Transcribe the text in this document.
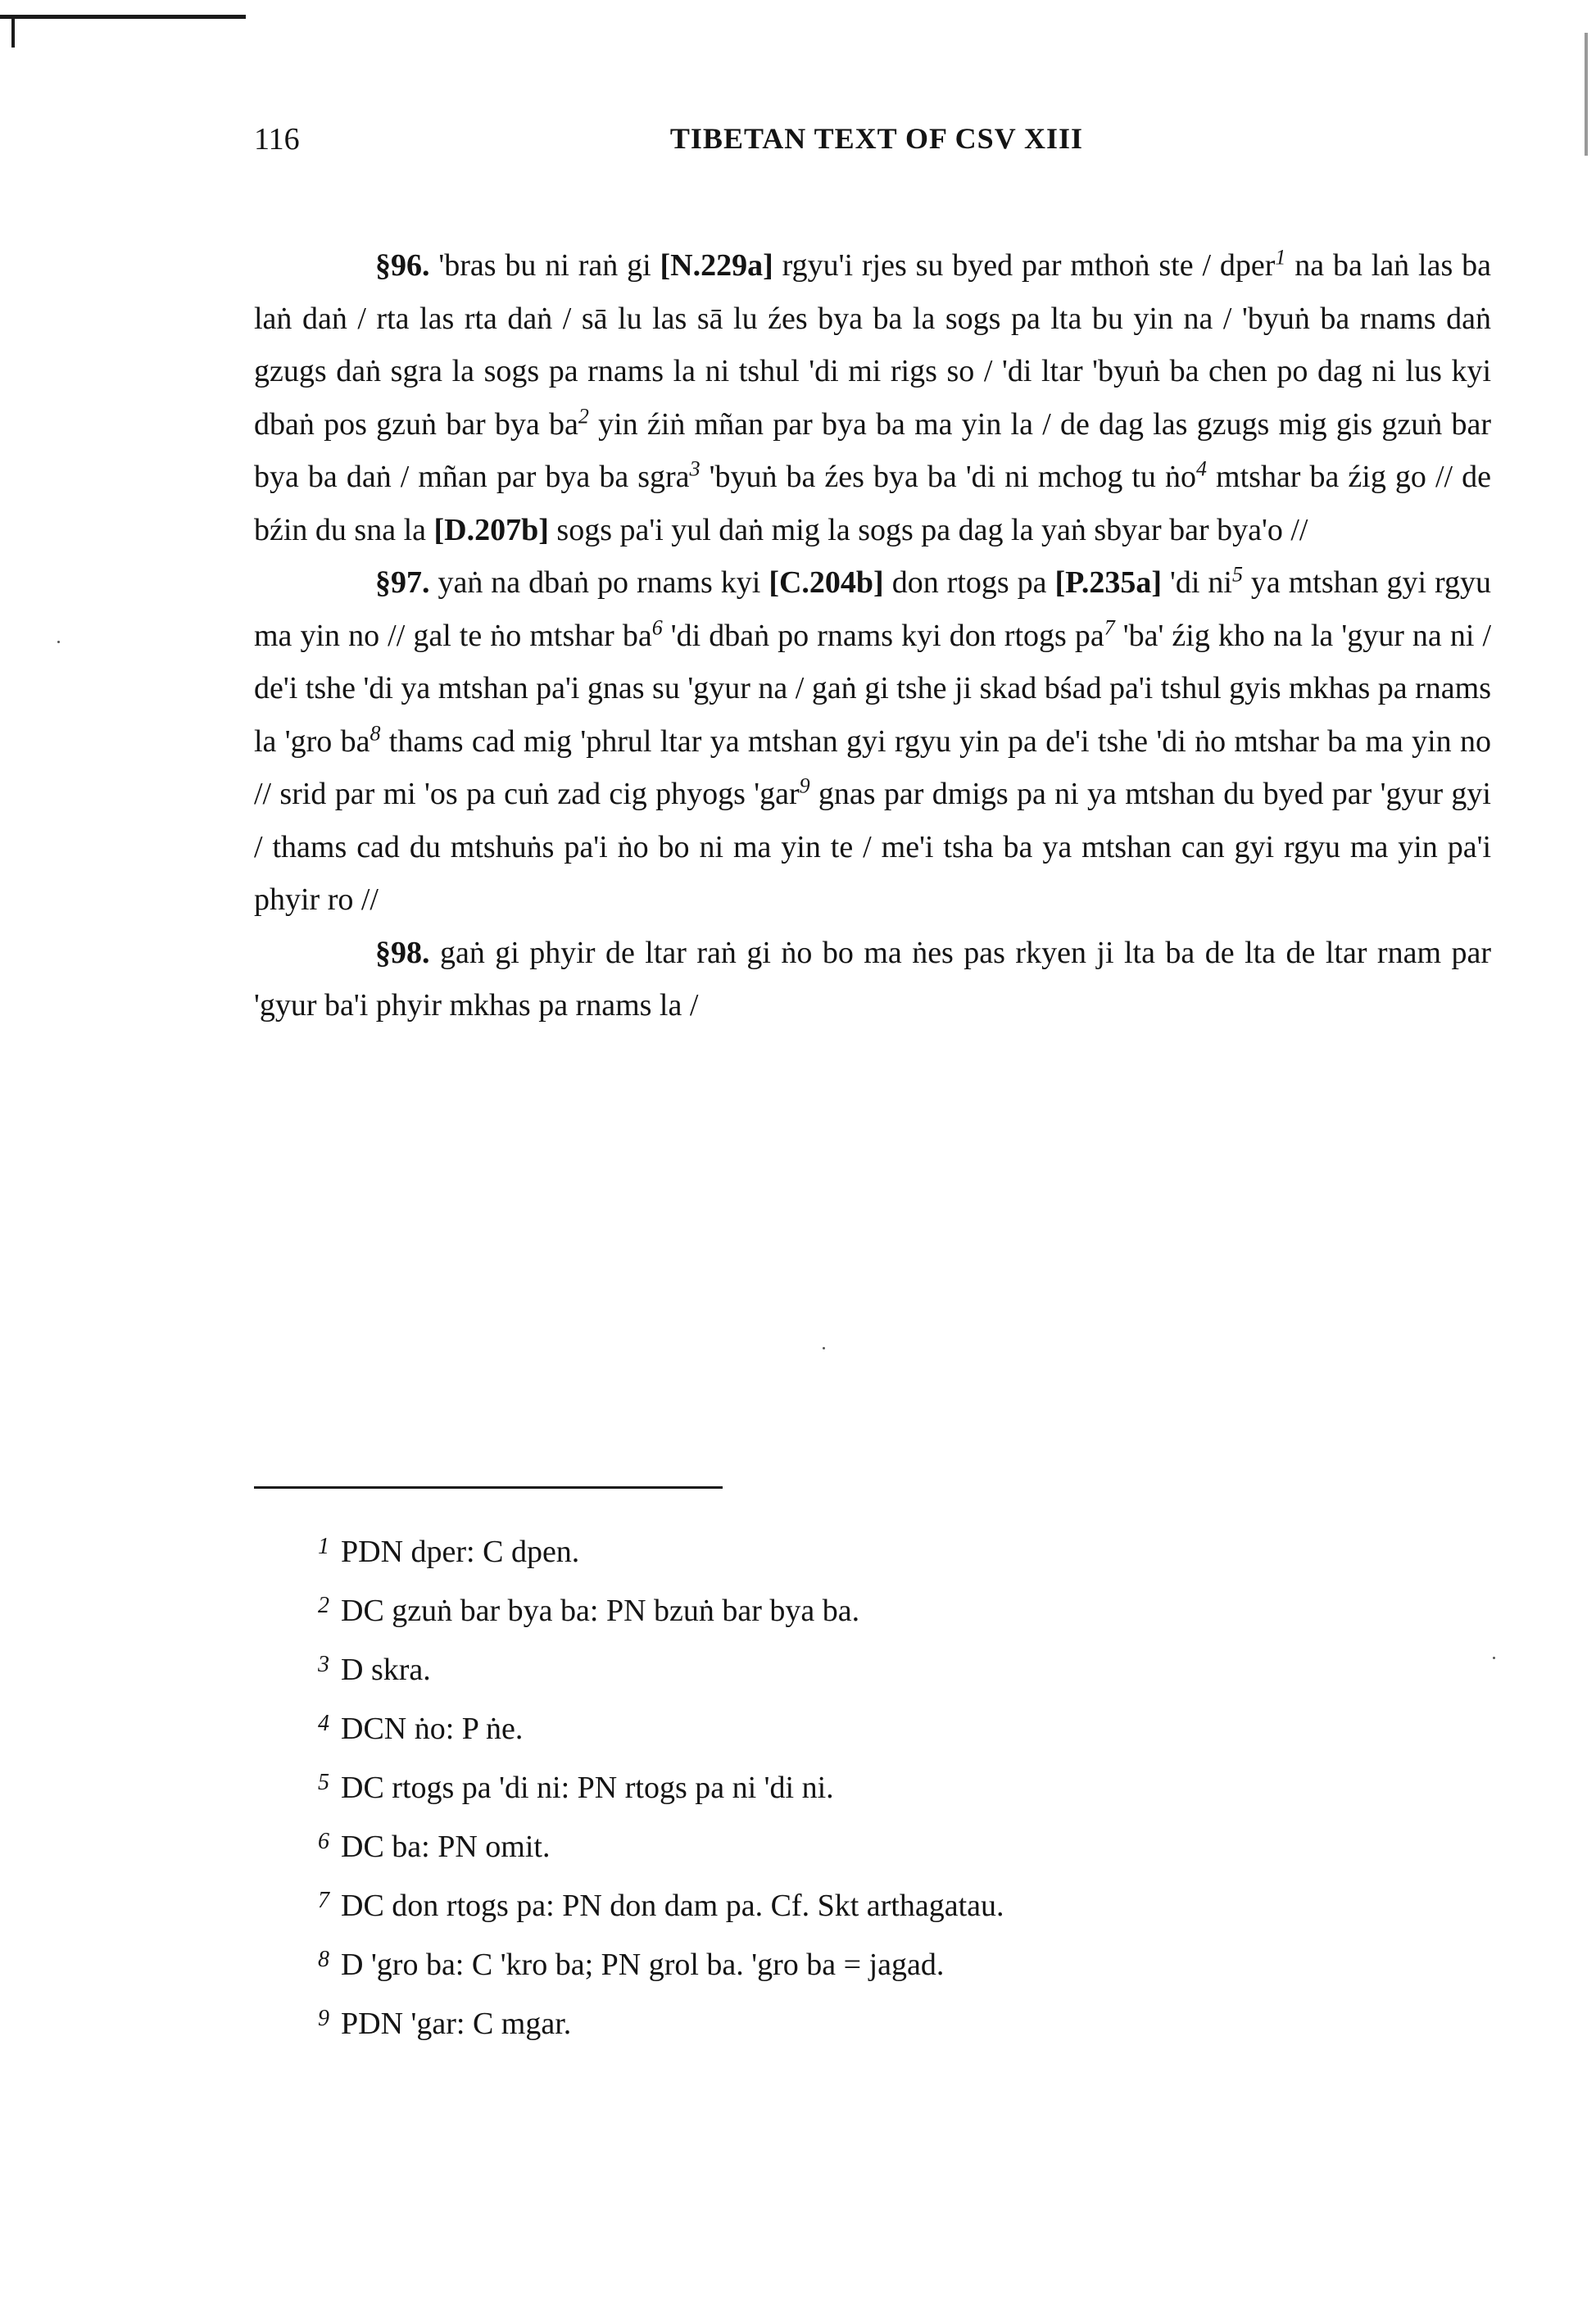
116	TIBETAN TEXT OF CSV XIII

§96. 'bras bu ni raṅ gi [N.229a] rgyu'i rjes su byed par mthoṅ ste / dper$^1$ na ba laṅ las ba laṅ daṅ / rta las rta daṅ / sā lu las sā lu źes bya ba la sogs pa lta bu yin na / 'byuṅ ba rnams daṅ gzugs daṅ sgra la sogs pa rnams la ni tshul 'di mi rigs so / 'di ltar 'byuṅ ba chen po dag ni lus kyi dbaṅ pos gzuṅ bar bya $ba^2$ yin źiṅ mñan par bya ba ma yin la / de dag las gzugs mig gis gzuṅ bar bya ba daṅ / mñan par bya ba sgra$^3$ 'byuṅ ba źes bya ba 'di ni mchog tu ṅo$^4$ mtshar ba źig go // de bźin du sna la [D.207b] sogs pa'i yul daṅ mig la sogs pa dag la yaṅ sbyar bar bya'o //

§97. yaṅ na dbaṅ po rnams kyi [C.204b] don rtogs pa [P.235a] 'di $ni^5$ ya mtshan gyi rgyu ma yin no // gal te ṅo mtshar $ba^6$ 'di dbaṅ po rnams kyi don rtogs $pa^7$ 'ba' źig kho na la 'gyur na ni / de'i tshe 'di ya mtshan pa'i gnas su 'gyur na / gaṅ gi tshe ji skad bśad pa'i tshul gyis mkhas pa rnams la 'gro $ba^8$ thams cad mig 'phrul ltar ya mtshan gyi rgyu yin pa de'i tshe 'di ṅo mtshar ba ma yin no // srid par mi 'os pa cuṅ zad cig phyogs 'gar$^9$ gnas par dmigs pa ni ya mtshan du byed par 'gyur gyi / thams cad du mtshuṅs pa'i ṅo bo ni ma yin te / me'i tsha ba ya mtshan can gyi rgyu ma yin pa'i phyir ro //

§98. gaṅ gi phyir de ltar raṅ gi ṅo bo ma ṅes pas rkyen ji lta ba de lta de ltar rnam par 'gyur ba'i phyir mkhas pa rnams la /

$^1$ PDN dper: C dpen.
$^2$ DC gzuṅ bar bya ba: PN bzuṅ bar bya ba.
$^3$ D skra.
$^4$ DCN ṅo: P ṅe.
$^5$ DC rtogs pa 'di ni: PN rtogs pa ni 'di ni.
$^6$ DC ba: PN omit.
$^7$ DC don rtogs pa: PN don dam pa. Cf. Skt arthagatau.
$^8$ D 'gro ba: C 'kro ba; PN grol ba. 'gro ba = jagad.
$^9$ PDN 'gar: C mgar.
